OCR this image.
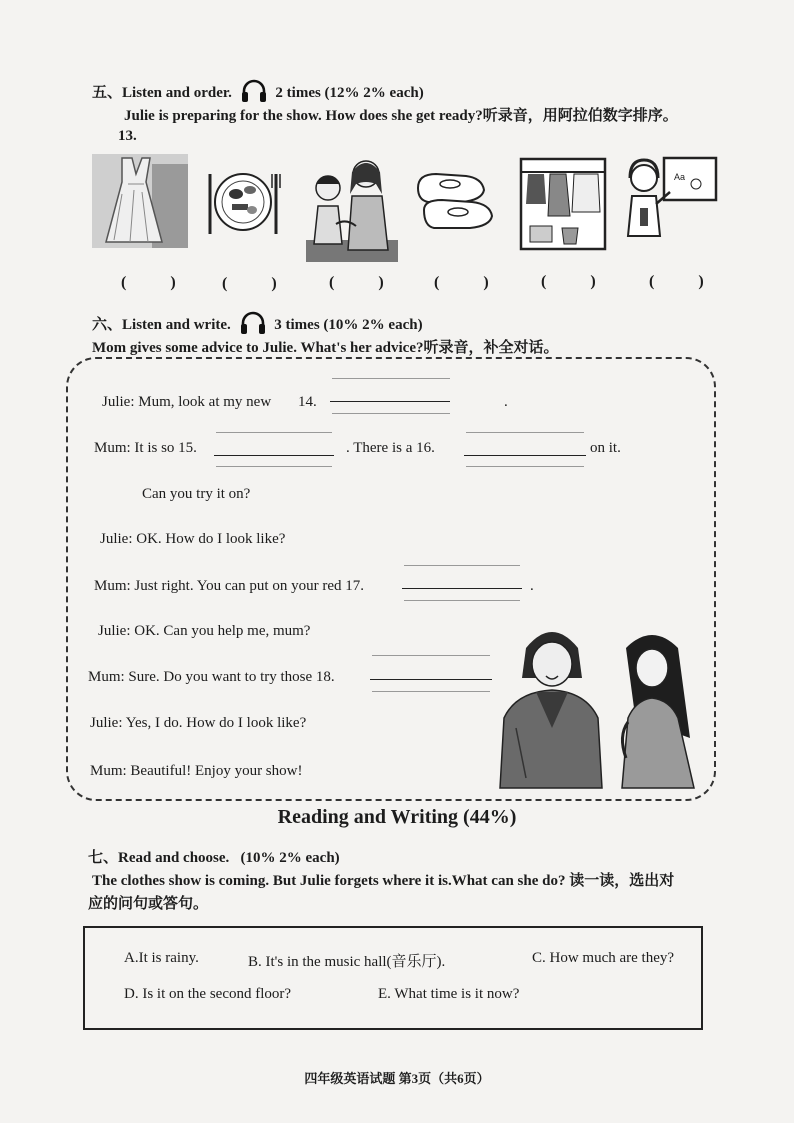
五、Listen and order.	2 times (12% 2% each)
Julie is preparing for the show. How does she get ready?听录音，用阿拉伯数字排序。
13.
Aa
( ) ( ) ( ) ( ) ( ) ( )
六、Listen and write.	3 times (10% 2% each)
Mom gives some advice to Julie. What's her advice?听录音，补全对话。
Julie: Mum, look at my new 14.	.
Mum: It is so 15.	. There is a 16.	on it.
Can you try it on?
Julie: OK. How do I look like?
Mum: Just right. You can put on your red 17.	.
Julie: OK. Can you help me, mum?
Mum: Sure. Do you want to try those 18.
Julie: Yes, I do. How do I look like?
Mum: Beautiful! Enjoy your show!
Reading and Writing (44%)
七、Read and choose. (10% 2% each)
The clothes show is coming. But Julie forgets where it is.What can she do? 读一读，选出对
应的问句或答句。
A.It is rainy.	B. It's in the music hall(音乐厅).	C. How much are they?
D. Is it on the second floor?	E. What time is it now?
四年级英语试题 第3页（共6页）
